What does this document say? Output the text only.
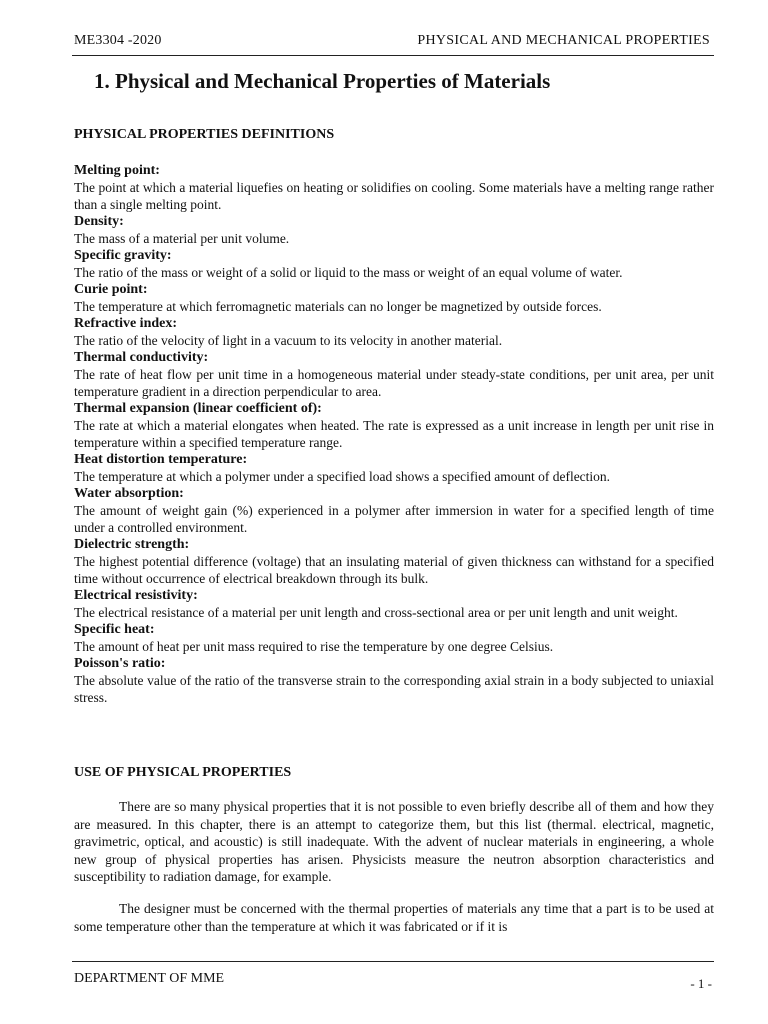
ME3304 -2020	PHYSICAL AND MECHANICAL PROPERTIES
1. Physical and Mechanical Properties of Materials
PHYSICAL PROPERTIES DEFINITIONS

Melting point:

The point at which a material liquefies on heating or solidifies on cooling. Some materials have a melting range rather than a single melting point.

Density:

The mass of a material per unit volume.

Specific gravity:

The ratio of the mass or weight of a solid or liquid to the mass or weight of an equal volume of water.

Curie point:

The temperature at which ferromagnetic materials can no longer be magnetized by outside forces.

Refractive index:

The ratio of the velocity of light in a vacuum to its velocity in another material.

Thermal conductivity:

The rate of heat flow per unit time in a homogeneous material under steady-state conditions, per unit area, per unit temperature gradient in a direction perpendicular to area.

Thermal expansion (linear coefficient of):

The rate at which a material elongates when heated. The rate is expressed as a unit increase in length per unit rise in temperature within a specified temperature range.

Heat distortion temperature:

The temperature at which a polymer under a specified load shows a specified amount of deflection.

Water absorption:

The amount of weight gain (%) experienced in a polymer after immersion in water for a specified length of time under a controlled environment.

Dielectric strength:

The highest potential difference (voltage) that an insulating material of given thickness can withstand for a specified time without occurrence of electrical breakdown through its bulk.

Electrical resistivity:

The electrical resistance of a material per unit length and cross-sectional area or per unit length and unit weight.

Specific heat:

The amount of heat per unit mass required to rise the temperature by one degree Celsius.

Poisson's ratio:

The absolute value of the ratio of the transverse strain to the corresponding axial strain in a body subjected to uniaxial stress.

USE OF PHYSICAL PROPERTIES

There are so many physical properties that it is not possible to even briefly describe all of them and how they are measured. In this chapter, there is an attempt to categorize them, but this list (thermal. electrical, magnetic, gravimetric, optical, and acoustic) is still inadequate. With the advent of nuclear materials in engineering, a whole new group of physical properties has arisen. Physicists measure the neutron absorption characteristics and susceptibility to radiation damage, for example.

The designer must be concerned with the thermal properties of materials any time that a part is to be used at some temperature other than the temperature at which it was fabricated or if it is

DEPARTMENT OF MME	- 1 -
